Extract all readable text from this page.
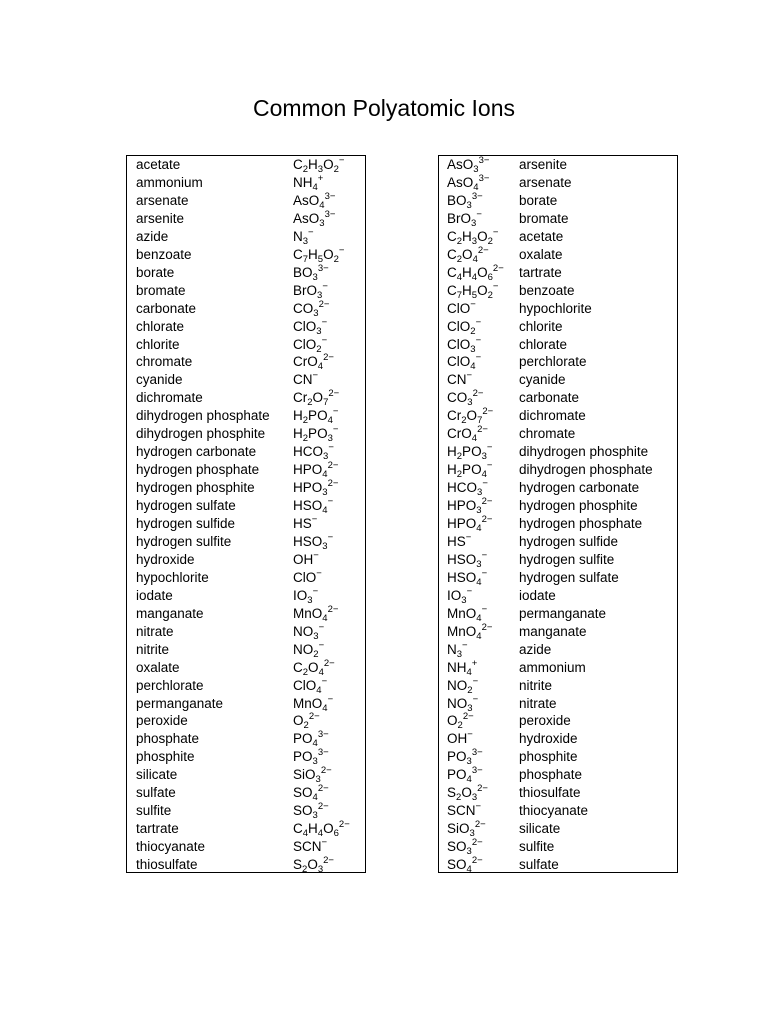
Common Polyatomic Ions
acetate	$C_2H_3O_2^-$
ammonium	$NH_4^+$
arsenate	AsO$_4^{3-}$
arsenite	AsO$_3^{3-}$
azide	$N_3^-$
benzoate	$C_7H_5O_2^-$
borate	$BO_3^{3-}$
bromate	BrO$_3$−
carbonate	$CO_3^{2-}$
chlorate	ClO$_3$−
chlorite	ClO$_2$−
chromate	CrO$_4^{2-}$
cyanide	CN−
dichromate	$Cr_2O_7^{2-}$
dihydrogen phosphate $H_2PO_4^-$
dihydrogen phosphite $H_2PO_3^-$
hydrogen carbonate	$HCO_3^-$
hydrogen phosphate	$HPO_4^{2-}$
hydrogen phosphite	$HPO_3^{2-}$
hydrogen sulfate	$HSO_4^-$
hydrogen sulfide	HS−
hydrogen sulfite	$HSO_3^-$
hydroxide	OH−
hypochlorite	ClO−
iodate	$IO_3^-$
manganate	MnO$_4^{2-}$
nitrate	$NO_3^-$
nitrite	$NO_2^-$
oxalate	$C_2O_4^{2-}$
perchlorate	ClO$_4$−
permanganate	MnO$_4$−
peroxide	$O_2^{2-}$
phosphate	$PO_4^{3-}$
phosphite	$PO_3^{3-}$
silicate	SiO$_3^{2-}$
sulfate	$SO_4^{2-}$
sulfite	$SO_3^{2-}$
tartrate	$C_4H_4O_6^{2-}$
thiocyanate	SCN−
thiosulfate	$S_2O_3^{2-}$
AsO$_3^{3-}$ arsenite
AsO$_4^{3-}$ arsenate
$BO_3^{3-}$	borate
BrO$_3$−	bromate
$C_2H_3O_2^-$ acetate
$C_2O_4^{2-}$ oxalate
$C_4H_4O_6^{2-}$ tartrate
$C_7H_5O_2^-$ benzoate
ClO−	hypochlorite
ClO$_2$−	chlorite
ClO$_3$−	chlorate
ClO$_4$−	perchlorate
CN−	cyanide
$CO_3^{2-}$	carbonate
$Cr_2O_7^{2-}$ dichromate
CrO$_4^{2-}$ chromate
$H_2PO_3^-$ dihydrogen phosphite
$H_2PO_4^-$ dihydrogen phosphate
$HCO_3^-$ hydrogen carbonate
$HPO_3^{2-}$ hydrogen phosphite
$HPO_4^{2-}$ hydrogen phosphate
HS−	hydrogen sulfide
$HSO_3^-$ hydrogen sulfite
$HSO_4^-$ hydrogen sulfate
$IO_3^-$	iodate
MnO$_4$− permanganate
MnO$_4^{2-}$ manganate
$N_3^-$	azide
$NH_4^+$	ammonium
$NO_2^-$	nitrite
$NO_3^-$	nitrate
$O_2^{2-}$	peroxide
OH−	hydroxide
$PO_3^{3-}$	phosphite
$PO_4^{3-}$	phosphate
$S_2O_3^{2-}$ thiosulfate
SCN−	thiocyanate
SiO$_3^{2-}$ silicate
$SO_3^{2-}$	sulfite
$SO_4^{2-}$	sulfate
